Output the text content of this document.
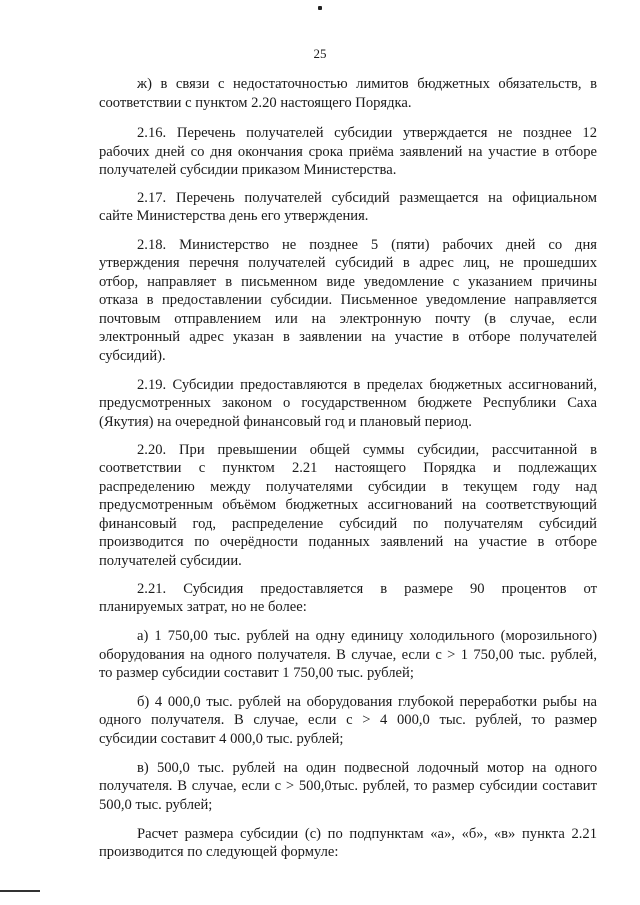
25
ж) в связи с недостаточностью лимитов бюджетных обязательств, в
соответствии с пунктом 2.20 настоящего Порядка.
2.16. Перечень получателей субсидии утверждается не позднее 12
рабочих дней со дня окончания срока приёма заявлений на участие в отборе
получателей субсидии приказом Министерства.
2.17. Перечень получателей субсидий размещается на официальном
сайте Министерства день его утверждения.
2.18. Министерство не позднее 5 (пяти) рабочих дней со дня
утверждения перечня получателей субсидий в адрес лиц, не прошедших
отбор, направляет в письменном виде уведомление с указанием причины
отказа в предоставлении субсидии. Письменное уведомление направляется
почтовым отправлением или на электронную почту (в случае, если
электронный адрес указан в заявлении на участие в отборе получателей
субсидий).
2.19. Субсидии предоставляются в пределах бюджетных ассигнований,
предусмотренных законом о государственном бюджете Республики Саха
(Якутия) на очередной финансовый год и плановый период.
2.20. При превышении общей суммы субсидии, рассчитанной в
соответствии с пунктом 2.21 настоящего Порядка и подлежащих
распределению между получателями субсидии в текущем году над
предусмотренным объёмом бюджетных ассигнований на соответствующий
финансовый год, распределение субсидий по получателям субсидий
производится по очерёдности поданных заявлений на участие в отборе
получателей субсидии.
2.21. Субсидия предоставляется в размере 90 процентов от
планируемых затрат, но не более:
а) 1 750,00 тыс. рублей на одну единицу холодильного (морозильного)
оборудования на одного получателя. В случае, если с > 1 750,00 тыс. рублей,
то размер субсидии составит 1 750,00 тыс. рублей;
б) 4 000,0 тыс. рублей на оборудования глубокой переработки рыбы на
одного получателя. В случае, если с > 4 000,0 тыс. рублей, то размер
субсидии составит 4 000,0 тыс. рублей;
в) 500,0 тыс. рублей на один подвесной лодочный мотор на одного
получателя. В случае, если с > 500,0тыс. рублей, то размер субсидии составит
500,0 тыс. рублей;
Расчет размера субсидии (с) по подпунктам «а», «б», «в» пункта 2.21
производится по следующей формуле:
